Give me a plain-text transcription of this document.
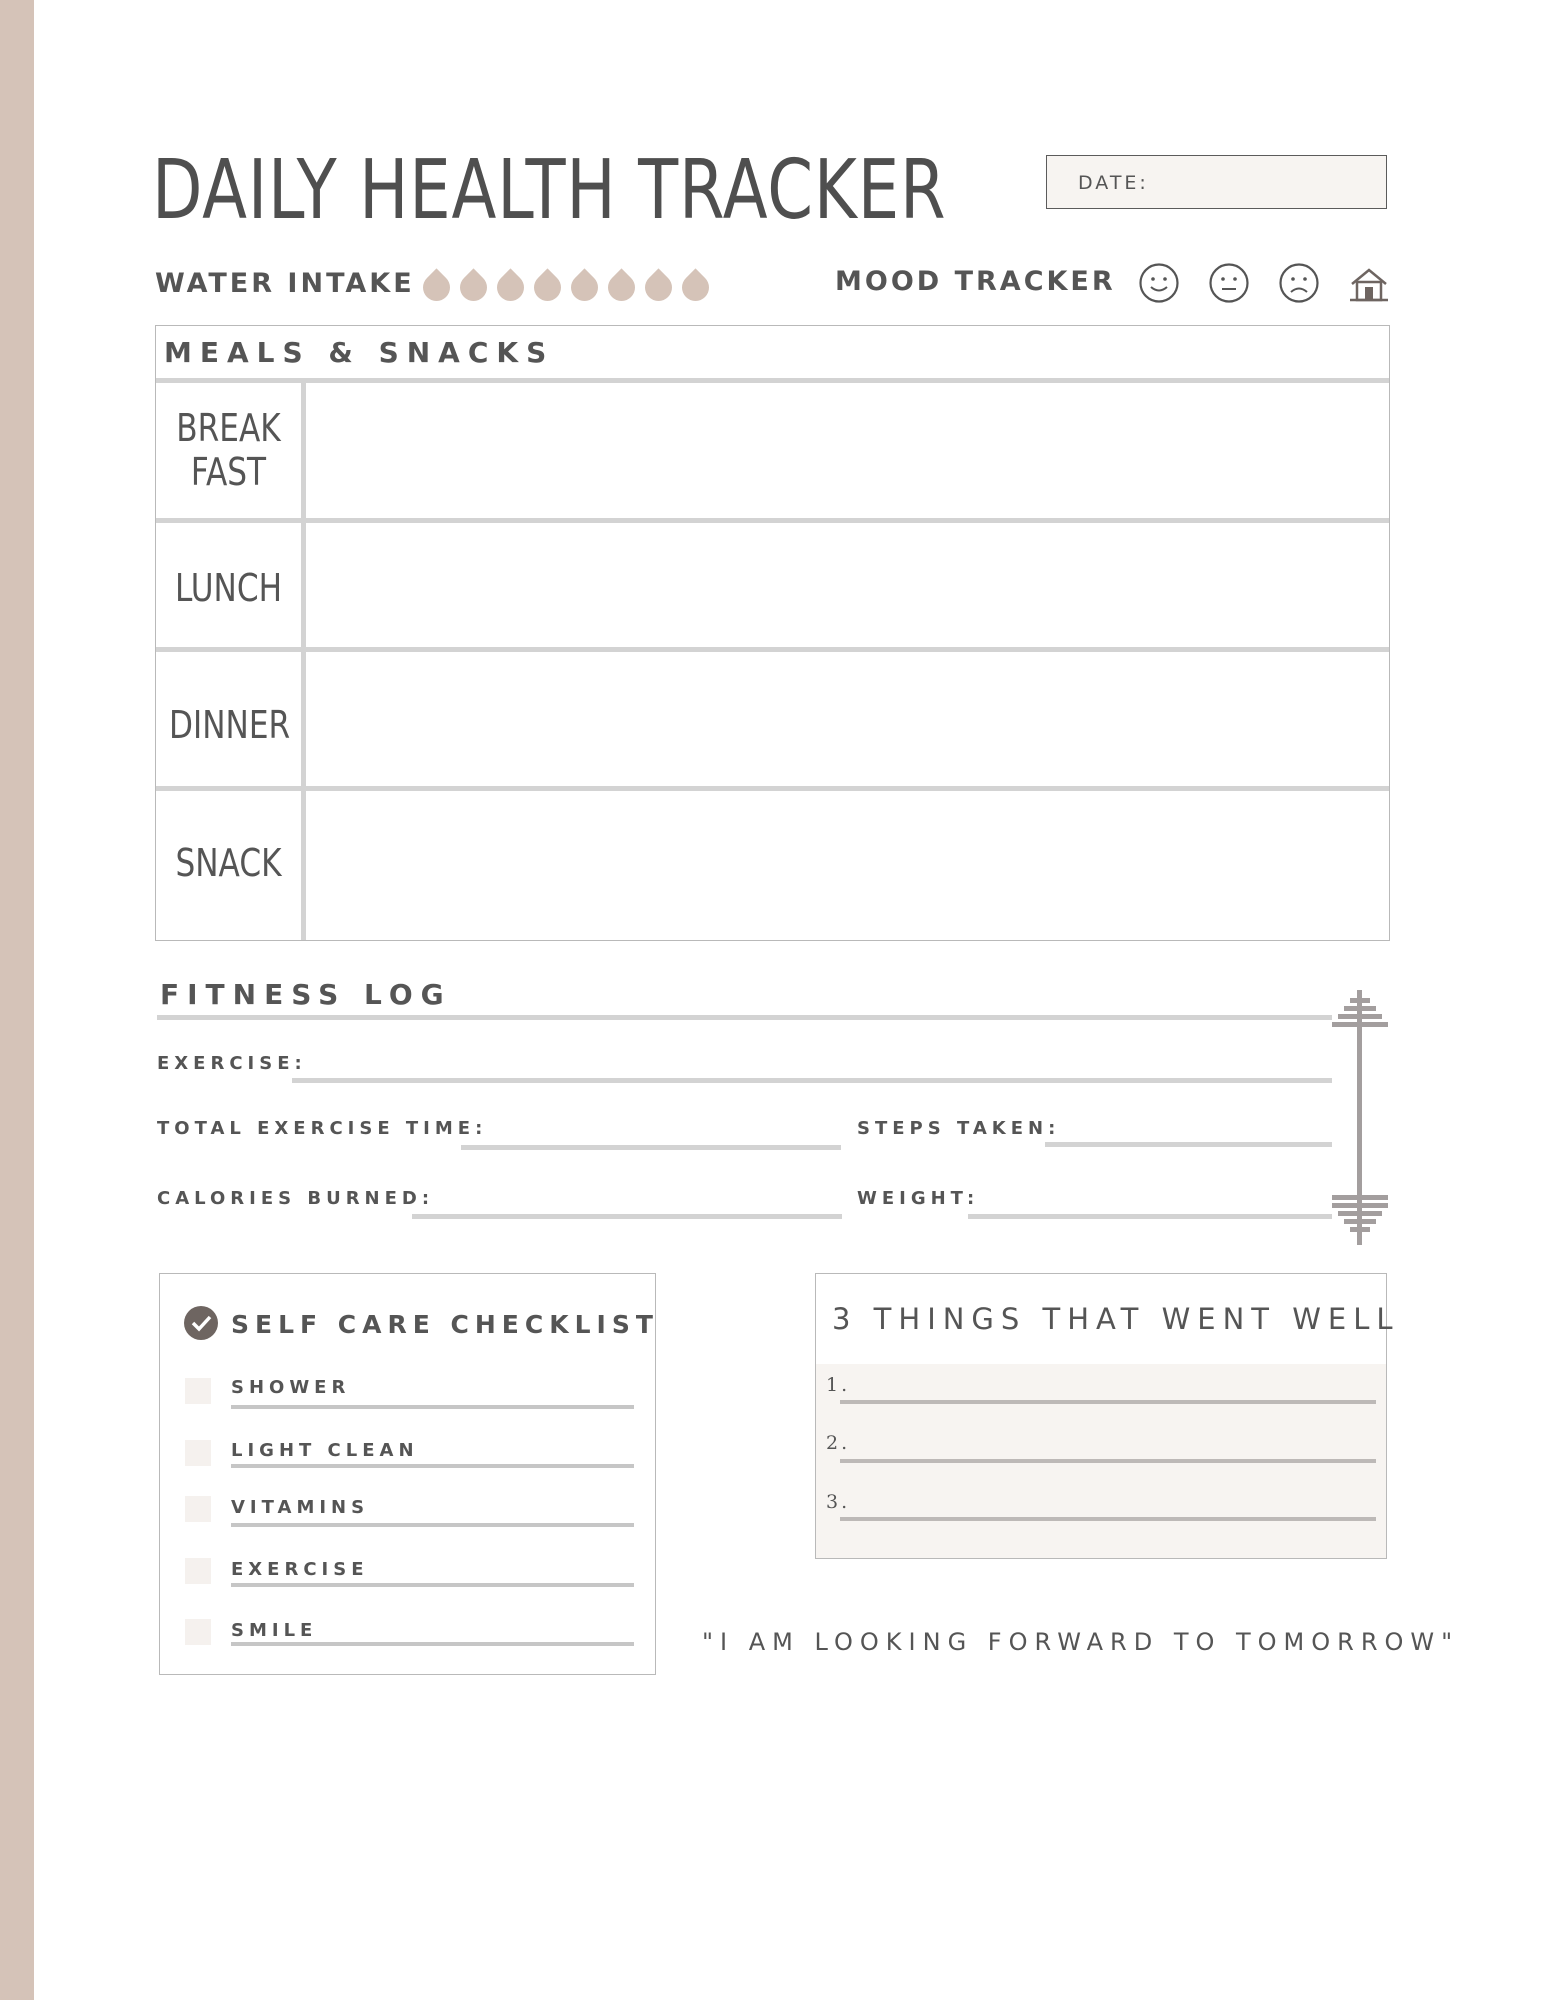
DAILY HEALTH TRACKER	DATE:
WATER INTAKE	MOOD TRACKER
MEALS & SNACKS
BREAK
FAST
LUNCH
DINNER
SNACK
FITNESS LOG
EXERCISE:
TOTAL EXERCISE TIME:	STEPS TAKEN:
CALORIES BURNED:	WEIGHT:
SELF CARE CHECKLIST
SHOWER
LIGHT CLEAN
VITAMINS
EXERCISE
SMILE
3 THINGS THAT WENT WELL
1.
2.
3.
"I AM LOOKING FORWARD TO TOMORROW"
